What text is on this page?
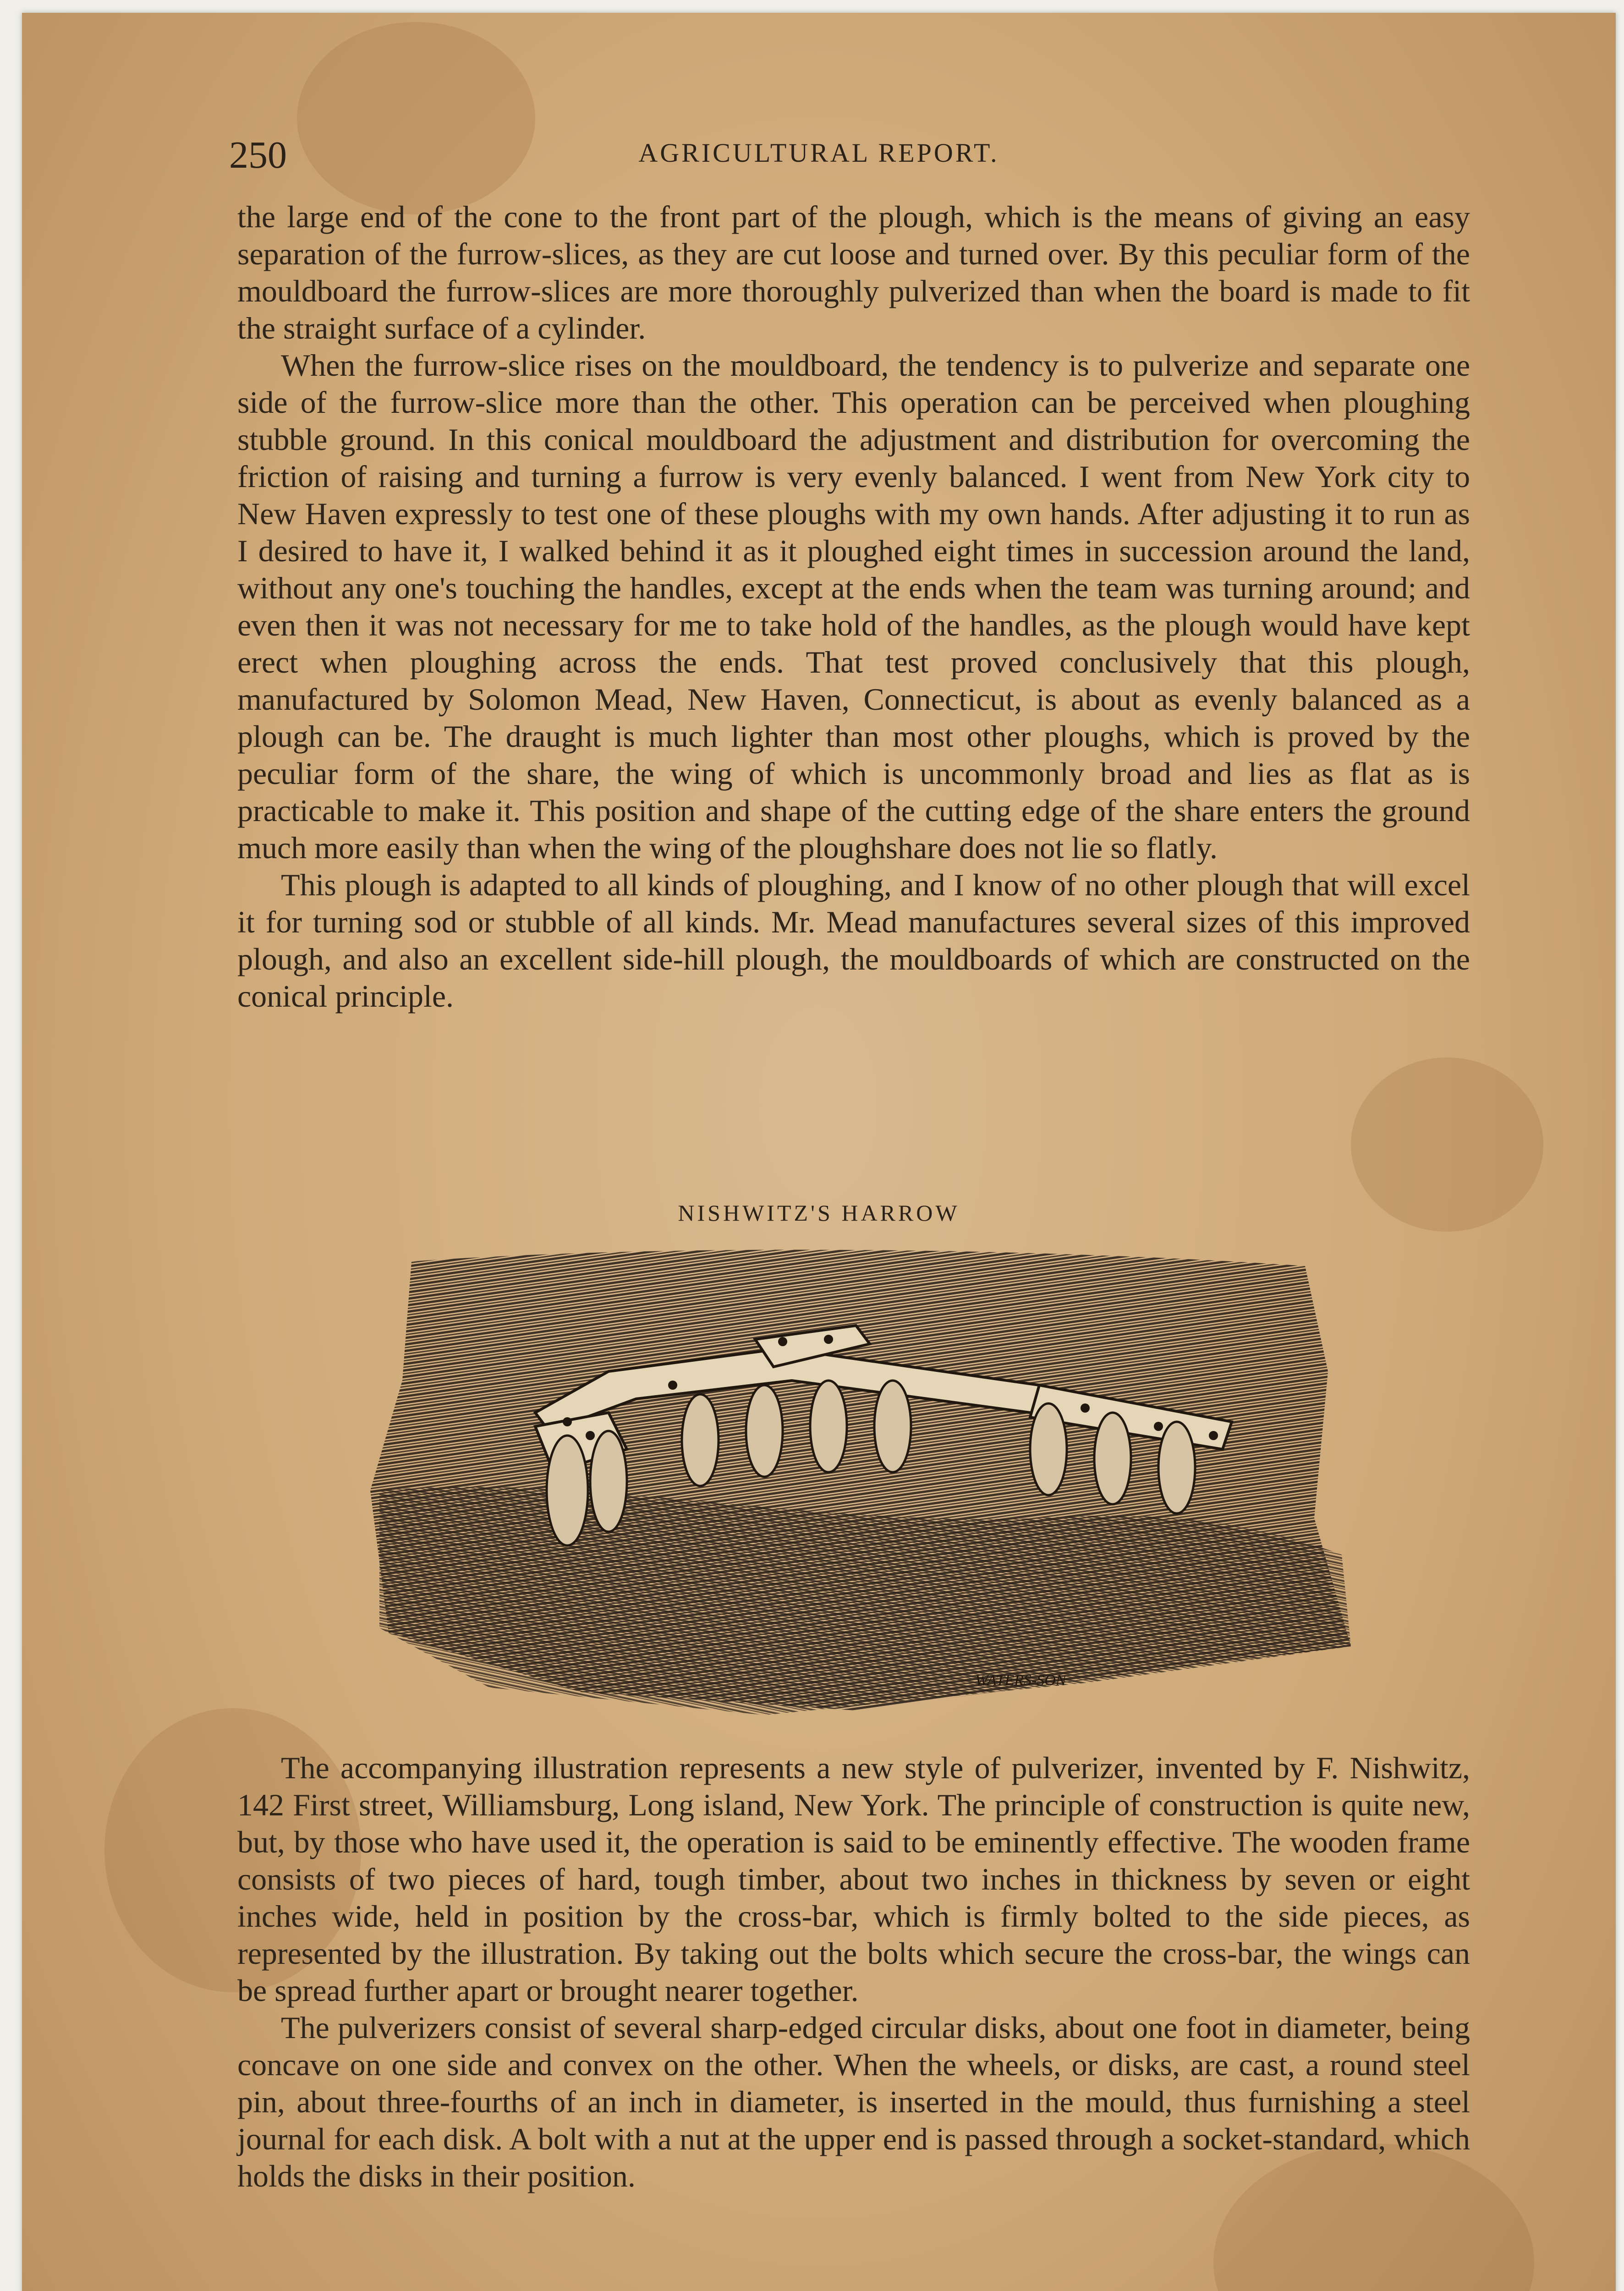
250	AGRICULTURAL REPORT.

the large end of the cone to the front part of the plough, which is the means of giving an easy separation of the furrow-slices, as they are cut loose and turned over. By this peculiar form of the mouldboard the furrow-slices are more thoroughly pulverized than when the board is made to fit the straight surface of a cylinder.

When the furrow-slice rises on the mouldboard, the tendency is to pulverize and separate one side of the furrow-slice more than the other. This operation can be perceived when ploughing stubble ground. In this conical mouldboard the adjustment and distribution for overcoming the friction of raising and turning a furrow is very evenly balanced. I went from New York city to New Haven expressly to test one of these ploughs with my own hands. After adjusting it to run as I desired to have it, I walked behind it as it ploughed eight times in succession around the land, without any one's touching the handles, except at the ends when the team was turning around; and even then it was not necessary for me to take hold of the handles, as the plough would have kept erect when ploughing across the ends. That test proved conclusively that this plough, manufactured by Solomon Mead, New Haven, Connecticut, is about as evenly balanced as a plough can be. The draught is much lighter than most other ploughs, which is proved by the peculiar form of the share, the wing of which is uncommonly broad and lies as flat as is practicable to make it. This position and shape of the cutting edge of the share enters the ground much more easily than when the wing of the ploughshare does not lie so flatly.

This plough is adapted to all kinds of ploughing, and I know of no other plough that will excel it for turning sod or stubble of all kinds. Mr. Mead manufactures several sizes of this improved plough, and also an excellent side-hill plough, the mouldboards of which are constructed on the conical principle.

NISHWITZ'S HARROW
WATERS-SON

The accompanying illustration represents a new style of pulverizer, invented by F. Nishwitz, 142 First street, Williamsburg, Long island, New York. The principle of construction is quite new, but, by those who have used it, the operation is said to be eminently effective. The wooden frame consists of two pieces of hard, tough timber, about two inches in thickness by seven or eight inches wide, held in position by the cross-bar, which is firmly bolted to the side pieces, as represented by the illustration. By taking out the bolts which secure the cross-bar, the wings can be spread further apart or brought nearer together.

The pulverizers consist of several sharp-edged circular disks, about one foot in diameter, being concave on one side and convex on the other. When the wheels, or disks, are cast, a round steel pin, about three-fourths of an inch in diameter, is inserted in the mould, thus furnishing a steel journal for each disk. A bolt with a nut at the upper end is passed through a socket-standard, which holds the disks in their position.
